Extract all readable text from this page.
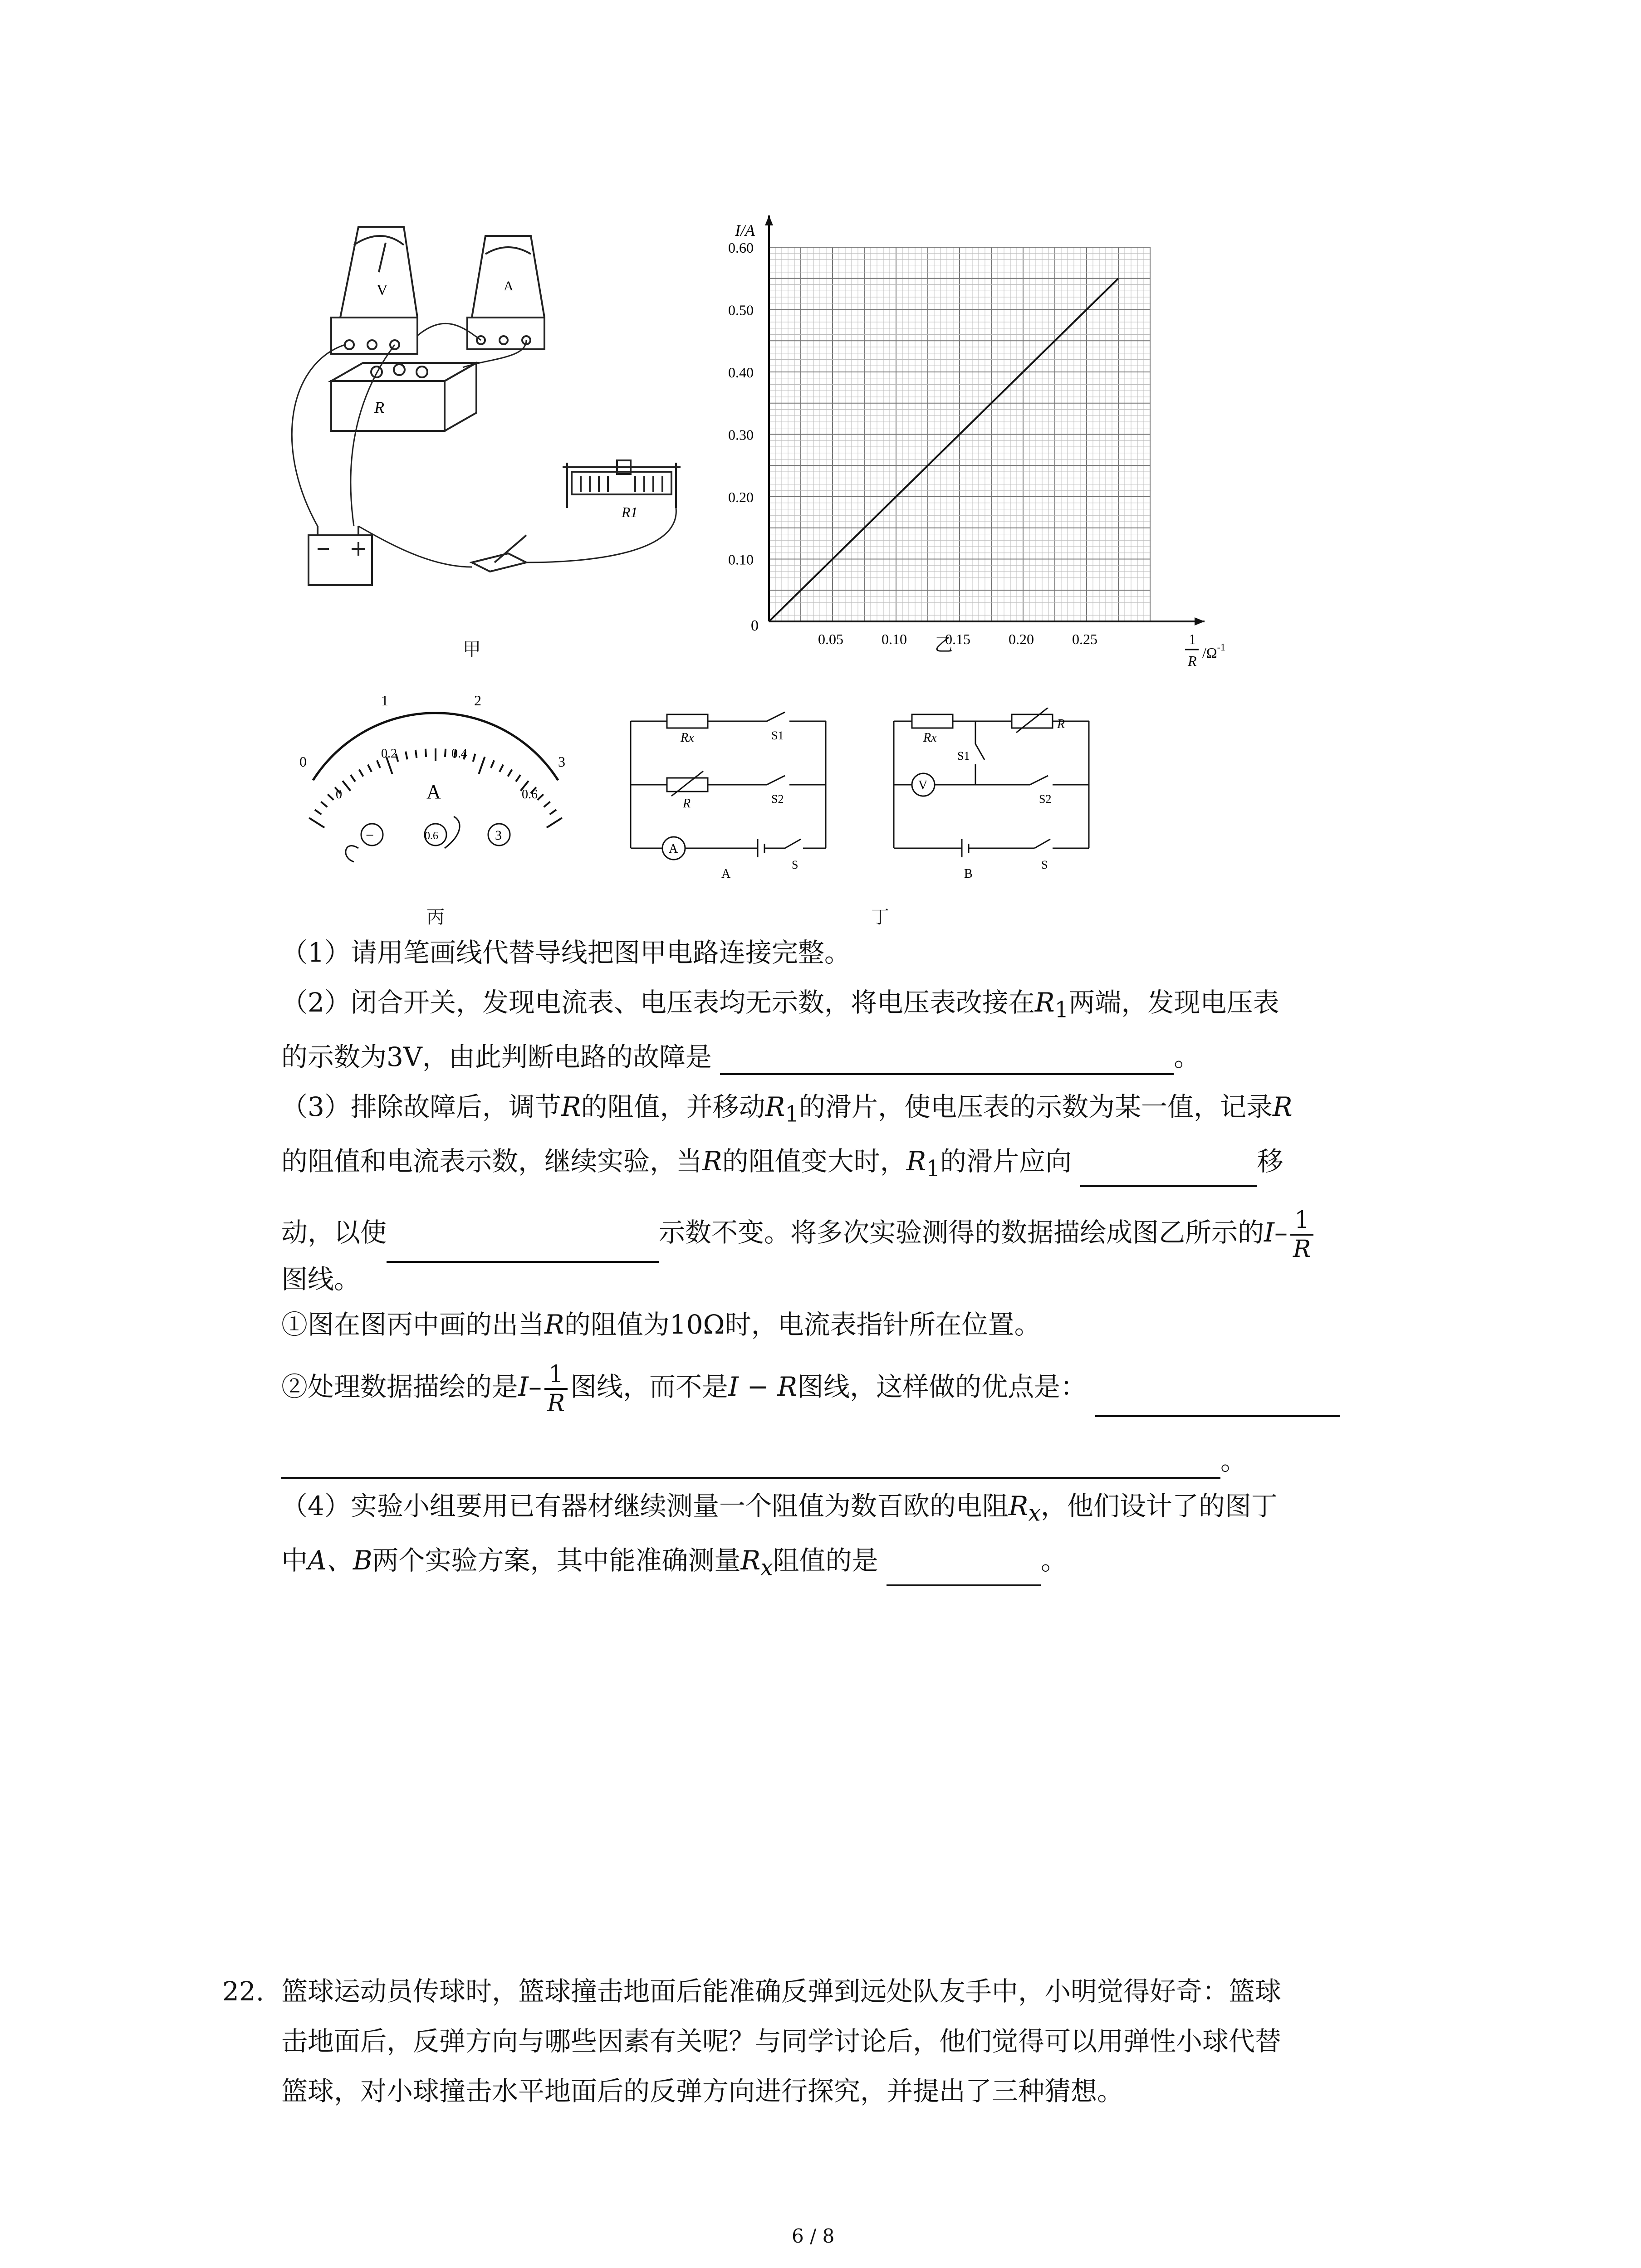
V	A
R
R1
甲	0.05	0.10	0.15	0.20	0.25
0.60
0.50
0.40
0.30
0.20
0.10
I/A
0
1
R $/\Omega^{-1}$
乙
0
1	2
3
0
0.2	0.4
0.6
A
−	0.6	3
丙
Rx	S1
R	S2
A
S
A
Rx
R
S1
V
S2
S
B
丁
（1）请用笔画线代替导线把图甲电路连接完整。
（2）闭合开关，发现电流表、电压表均无示数，将电压表改接在$R_1$两端，发现电压表
的示数为3V，由此判断电路的故障是	。
（3）排除故障后，调节R的阻值，并移动$R_1$的滑片，使电压表的示数为某一值，记录R
的阻值和电流表示数，继续实验，当R的阻值变大时，$R_1$的滑片应向	移
动，以使	示数不变。将多次实验测得的数据描绘成图乙所示的$I- \frac{1}{R}$
图线。
①图在图丙中画的出当R的阻值为10Ω时，电流表指针所在位置。
②处理数据描绘的是$I- \frac{1}{R}$ 图线，而不是I − R图线，这样做的优点是：
。
（4）实验小组要用已有器材继续测量一个阻值为数百欧的电阻$R_x$，他们设计了的图丁
中A、B两个实验方案，其中能准确测量$R_x$阻值的是	。
22. 篮球运动员传球时，篮球撞击地面后能准确反弹到远处队友手中，小明觉得好奇：篮球
击地面后，反弹方向与哪些因素有关呢？与同学讨论后，他们觉得可以用弹性小球代替
篮球，对小球撞击水平地面后的反弹方向进行探究，并提出了三种猜想。
6 / 8
